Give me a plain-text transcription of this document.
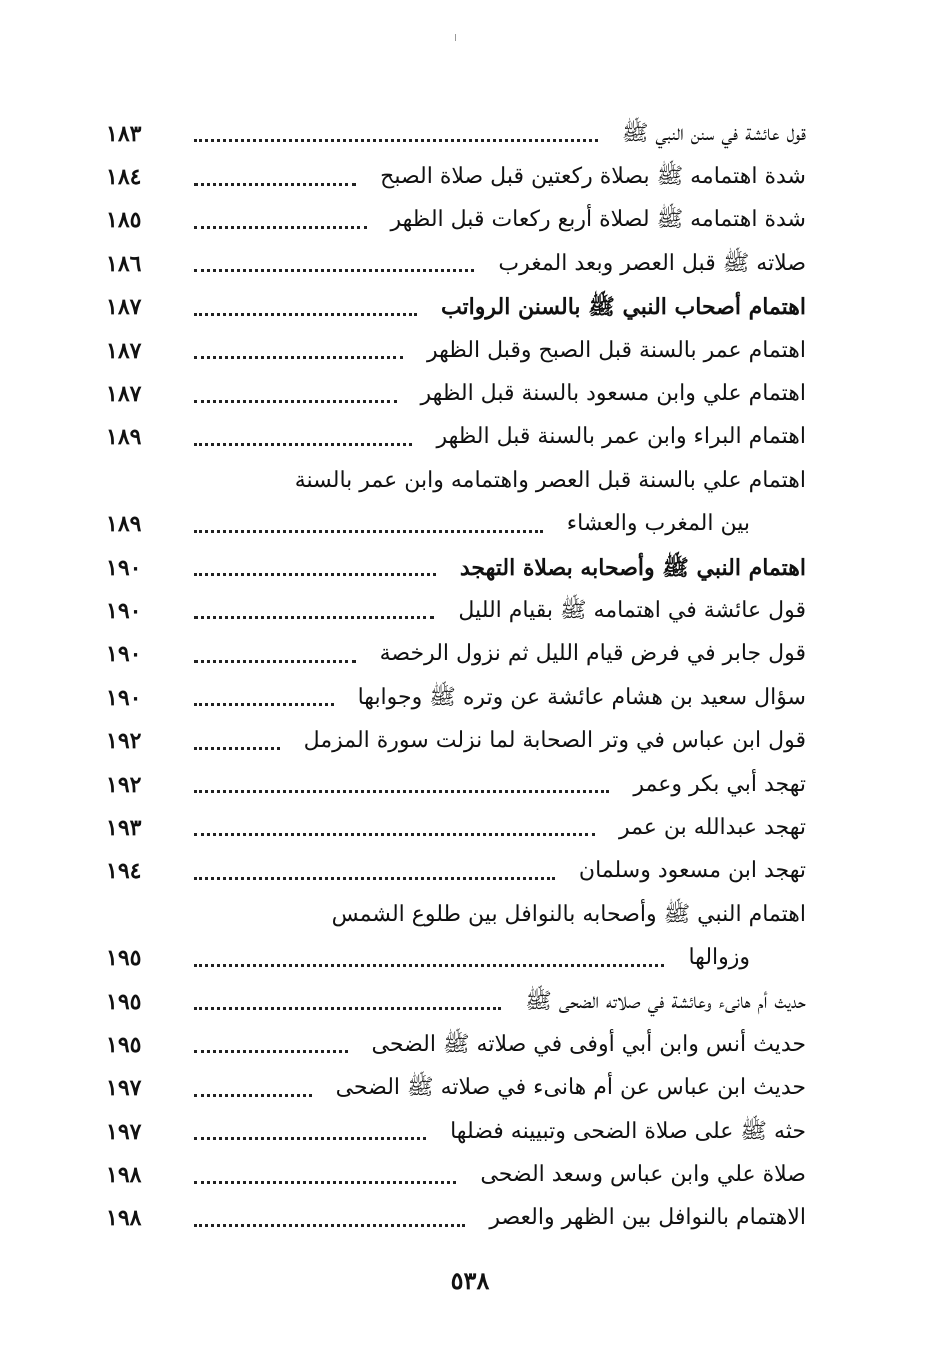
قول عائشة في سنن النبي ﷺ
١٨٣
شدة اهتمامه ﷺ بصلاة ركعتين قبل صلاة الصبح
١٨٤
شدة اهتمامه ﷺ لصلاة أربع ركعات قبل الظهر
١٨٥
صلاته ﷺ قبل العصر وبعد المغرب
١٨٦
اهتمام أصحاب النبي ﷺ بالسنن الرواتب
١٨٧
اهتمام عمر بالسنة قبل الصبح وقبل الظهر
١٨٧
اهتمام علي وابن مسعود بالسنة قبل الظهر
١٨٧
اهتمام البراء وابن عمر بالسنة قبل الظهر
١٨٩
اهتمام علي بالسنة قبل العصر واهتمامه وابن عمر بالسنة
بين المغرب والعشاء
١٨٩
اهتمام النبي ﷺ وأصحابه بصلاة التهجد
١٩٠
قول عائشة في اهتمامه ﷺ بقيام الليل
١٩٠
قول جابر في فرض قيام الليل ثم نزول الرخصة
١٩٠
سؤال سعيد بن هشام عائشة عن وتره ﷺ وجوابها
١٩٠
قول ابن عباس في وتر الصحابة لما نزلت سورة المزمل
١٩٢
تهجد أبي بكر وعمر
١٩٢
تهجد عبدالله بن عمر
١٩٣
تهجد ابن مسعود وسلمان
١٩٤
اهتمام النبي ﷺ وأصحابه بالنوافل بين طلوع الشمس
وزوالها
١٩٥
حديث أم هانىء وعائشة في صلاته الضحى ﷺ
١٩٥
حديث أنس وابن أبي أوفى في صلاته ﷺ الضحى
١٩٥
حديث ابن عباس عن أم هانىء في صلاته ﷺ الضحى
١٩٧
حثه ﷺ على صلاة الضحى وتبيينه فضلها
١٩٧
صلاة علي وابن عباس وسعد الضحى
١٩٨
الاهتمام بالنوافل بين الظهر والعصر
١٩٨
٥٣٨
